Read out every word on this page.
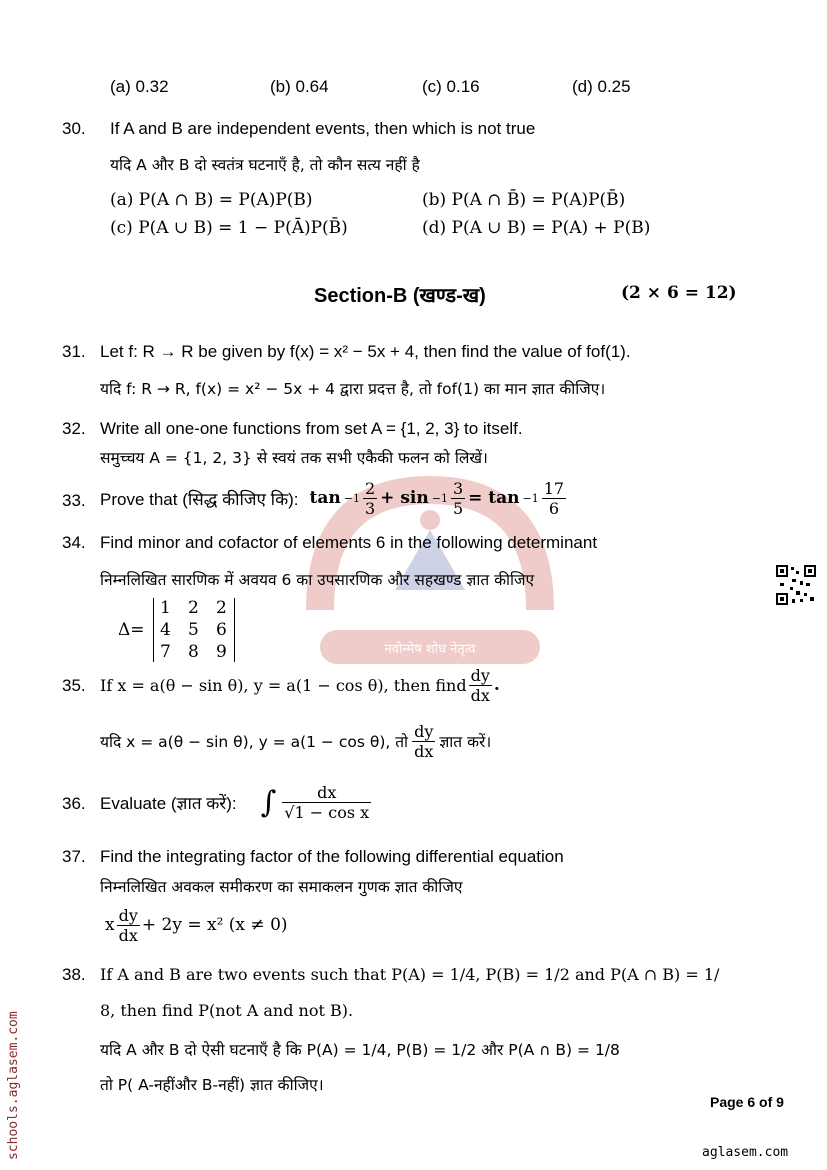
नवोन्मेष शोध नेतृत्व
(a) 0.32	(b) 0.64	(c) 0.16	(d) 0.25
30. If A and B are independent events, then which is not true
यदि A और B दो स्वतंत्र घटनाएँ है, तो कौन सत्य नहीं है
(a) P(A ∩ B) = P(A)P(B)	(b) P(A ∩ B̄) = P(A)P(B̄)
(c) P(A ∪ B) = 1 − P(Ā)P(B̄)	(d) P(A ∪ B) = P(A) + P(B)
Section-B (खण्ड-ख)	(2 × 6 = 12)
31. Let f: R → R be given by f(x) = x² − 5x + 4, then find the value of fof(1).
यदि f: R → R, f(x) = x² − 5x + 4 द्वारा प्रदत्त है, तो fof(1) का मान ज्ञात कीजिए।
32. Write all one-one functions from set A = {1, 2, 3} to itself.
समुच्चय A = {1, 2, 3} से स्वयं तक सभी एकैकी फलन को लिखें।
33. Prove that (सिद्ध कीजिए कि): $\tan -1 \frac{2}{3} + \sin -1 \frac{3}{5} = \tan -1 \frac{17}{6}$
34. Find minor and cofactor of elements 6 in the following determinant
निम्नलिखित सारणिक में अवयव 6 का उपसारणिक और सहखण्ड ज्ञात कीजिए
Δ=
1 2 2
4 5 6
7 8 9
35. If x = a(θ − sin θ), y = a(1 − cos θ), then find $\frac{dy}{dx}$ .
यदि x = a(θ − sin θ), y = a(1 − cos θ), तो $\frac{dy}{dx}$ ज्ञात करें।
36. Evaluate (ज्ञात करें): ∫ $\frac{dx}{\text{√1 − cos x}}$
37. Find the integrating factor of the following differential equation
निम्नलिखित अवकल समीकरण का समाकलन गुणक ज्ञात कीजिए
x $\frac{dy}{dx} + 2y = x^2$ (x ≠ 0)
38. If A and B are two events such that P(A) = 1/4, P(B) = 1/2 and P(A ∩ B) = 1/
8, then find P(not A and not B).
यदि A और B दो ऐसी घटनाएँ है कि P(A) = 1/4, P(B) = 1/2 और P(A ∩ B) = 1/8
तो P( A-नहींऔर B-नहीं) ज्ञात कीजिए।
Page 6 of 9
aglasem.com
schools.aglasem.com
